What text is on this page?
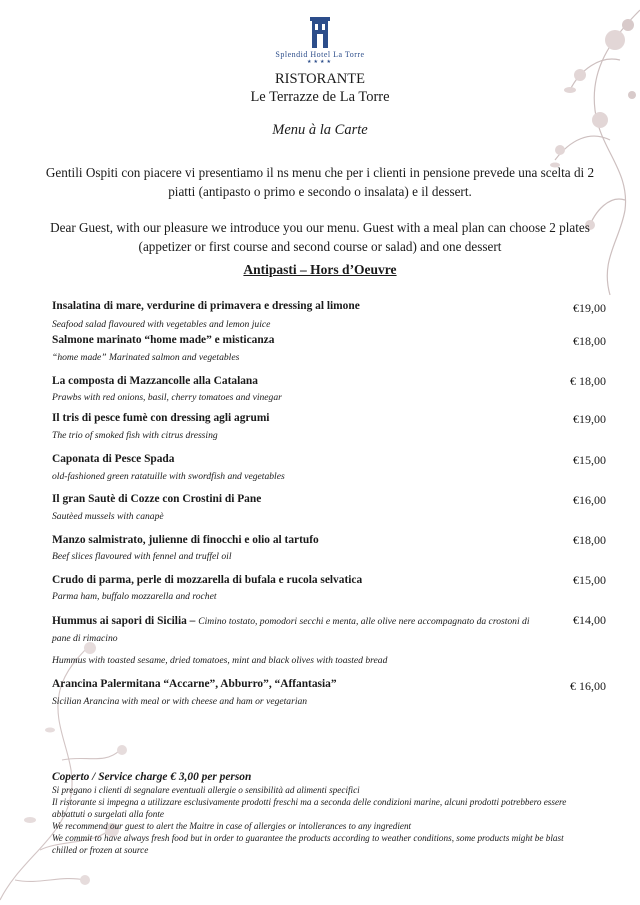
Splendid Hotel La Torre
★★★★
RISTORANTE
Le Terrazze de La Torre
Menu à la Carte
Gentili Ospiti con piacere vi presentiamo il ns menu che per i clienti in pensione prevede una scelta di 2 piatti (antipasto o primo e secondo o insalata) e il dessert.
Dear Guest, with our pleasure we introduce you our menu. Guest with a meal plan can choose 2 plates (appetizer or first course and second course or salad) and one dessert
Antipasti – Hors d’Oeuvre
Insalatina di mare, verdurine di primavera e dressing al limone
Seafood salad flavoured with vegetables and lemon juice
€19,00
Salmone marinato “home made” e misticanza
“home made” Marinated salmon and vegetables
€18,00
La composta di Mazzancolle alla Catalana
Prawbs with red onions, basil, cherry tomatoes and vinegar
€ 18,00
Il tris di pesce fumè con dressing agli agrumi
The trio of smoked fish with citrus dressing
€19,00
Caponata di Pesce Spada
old-fashioned green ratatuille with swordfish and vegetables
€15,00
Il gran Sautè di Cozze con Crostini di Pane
Sautèed mussels with canapè
€16,00
Manzo salmistrato, julienne di finocchi e olio al tartufo
Beef slices flavoured with fennel and truffel oil
€18,00
Crudo di parma, perle di mozzarella di bufala e rucola selvatica
Parma ham, buffalo mozzarella and rochet
€15,00
Hummus ai sapori di Sicilia – Cimino tostato, pomodori secchi e menta, alle olive nere accompagnato da crostoni di pane di rimacino
Hummus with toasted sesame, dried tomatoes, mint and black olives with toasted bread
€14,00
Arancina Palermitana “Accarne”, Abburro”, “Affantasia”
Sicilian Arancina with meal or with cheese and ham or vegetarian
€ 16,00
Coperto / Service charge € 3,00 per person
Si pregano i clienti di segnalare eventuali allergie o sensibilità ad alimenti specifici
Il ristorante si impegna a utilizzare esclusivamente prodotti freschi ma a seconda delle condizioni marine, alcuni prodotti potrebbero essere abbattuti o surgelati alla fonte
We recommend our guest to alert the Maitre in case of allergies or intollerances to any ingredient
We commit to have always fresh food but in order to guarantee the products according to weather conditions, some products might be blast chilled or frozen at source
